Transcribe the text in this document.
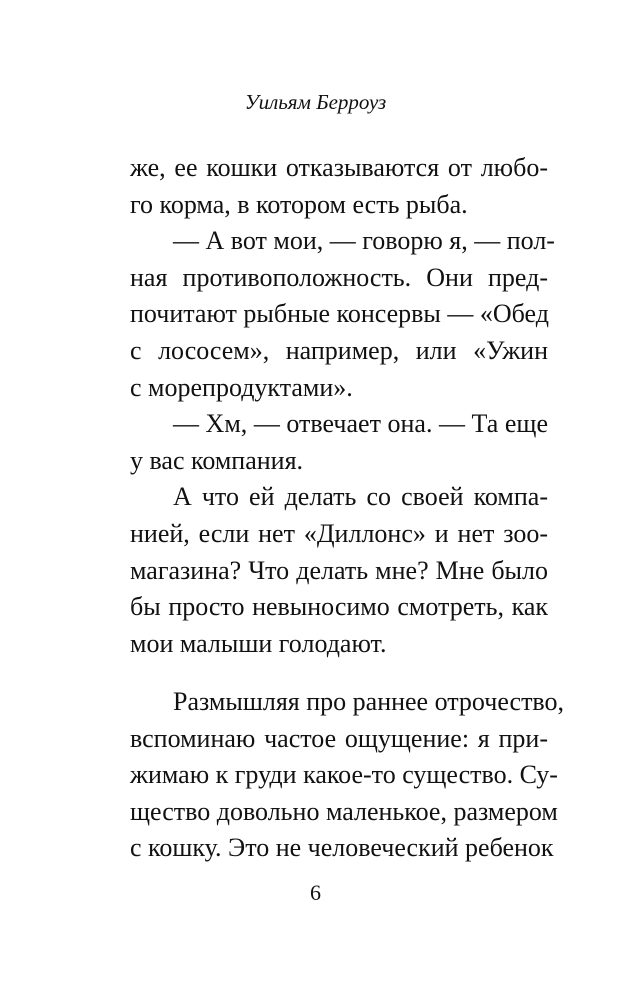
Уильям Берроуз
же, ее кошки отказываются от любо-
го корма, в котором есть рыба.
— А вот мои, — говорю я, — пол-
ная противоположность. Они пред-
почитают рыбные консервы — «Обед
с лососем», например, или «Ужин
с морепродуктами».
— Хм, — отвечает она. — Та еще
у вас компания.
А что ей делать со своей компа-
нией, если нет «Диллонс» и нет зоо-
магазина? Что делать мне? Мне было
бы просто невыносимо смотреть, как
мои малыши голодают.
Размышляя про раннее отрочество,
вспоминаю частое ощущение: я при-
жимаю к груди какое-то существо. Су-
щество довольно маленькое, размером
с кошку. Это не человеческий ребенок
6
